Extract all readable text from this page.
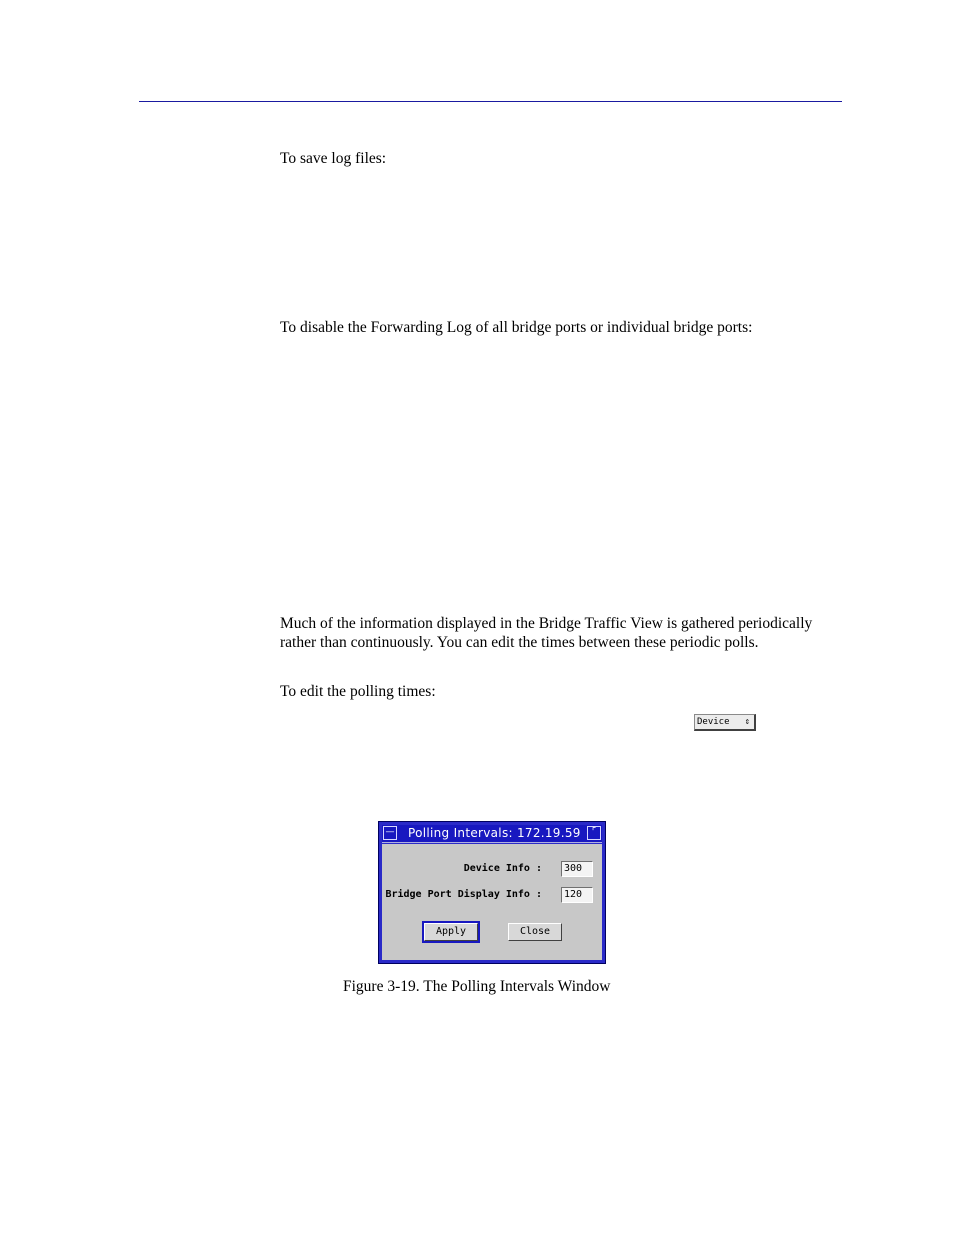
To save log files:

To disable the Forwarding Log of all bridge ports or individual bridge ports:

Much of the information displayed in the Bridge Traffic View is gathered periodically rather than continuously. You can edit the times between these periodic polls.

To edit the polling times:

Device ⇕
— Polling Intervals: 172.19.59	⌜
Device Info :	300
Bridge Port Display Info :	120
Apply	Close
Figure 3-19. The Polling Intervals Window
